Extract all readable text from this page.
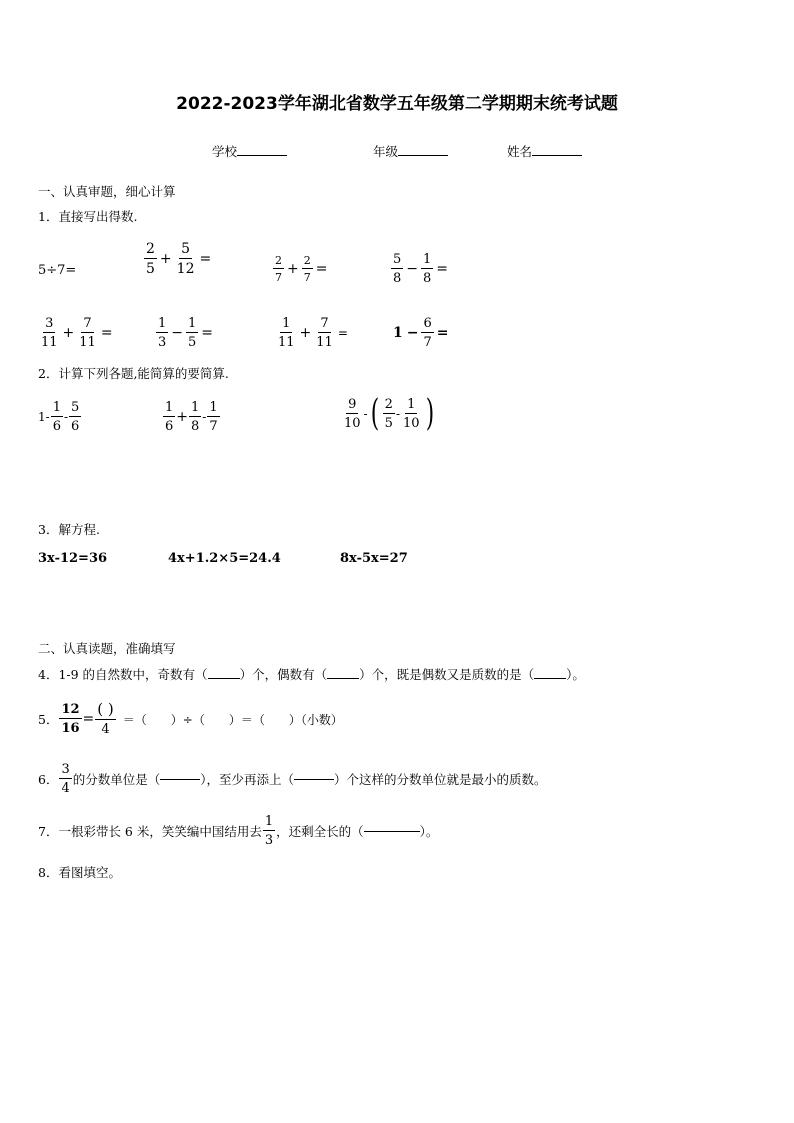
2022-2023学年湖北省数学五年级第二学期期末统考试题
学校	年级	姓名
一、认真审题，细心计算
1．直接写出得数.
5÷7=	$\frac{2}{5} + \frac{5}{12}$ =	$\frac{2}{7} + \frac{2}{7}$ =	$\frac{5}{8} - \frac{1}{8}$ =
$\frac{3}{11} + \frac{7}{11}$ =	$\frac{1}{3} - \frac{1}{5}$ =	$\frac{1}{11} + \frac{7}{11}$ =	$1 - \frac{6}{7}$ =
2．计算下列各题,能简算的要简算.
$1- \frac{1}{6} - \frac{5}{6}$	$\frac{1}{6} + \frac{1}{8} - \frac{1}{7}$	$\frac{9}{10}$ -( $\frac{2}{5} - \frac{1}{10}$ )
3．解方程.
3x-12=36	4x+1.2×5=24.4	8x-5x=27
二、认真读题，准确填写
4．1-9 的自然数中，奇数有（	）个，偶数有（	）个，既是偶数又是质数的是（	）。
5． $\frac{12}{16} = \frac{( )}{4}$ ＝（　　）÷（　　）＝（　　）（小数）
6． $\frac{3}{4}$ 的分数单位是（	），至少再添上（	）个这样的分数单位就是最小的质数。
7．一根彩带长 6 米，笑笑编中国结用去 $\frac{1}{3}$ ，还剩全长的（	）。
8．看图填空。
